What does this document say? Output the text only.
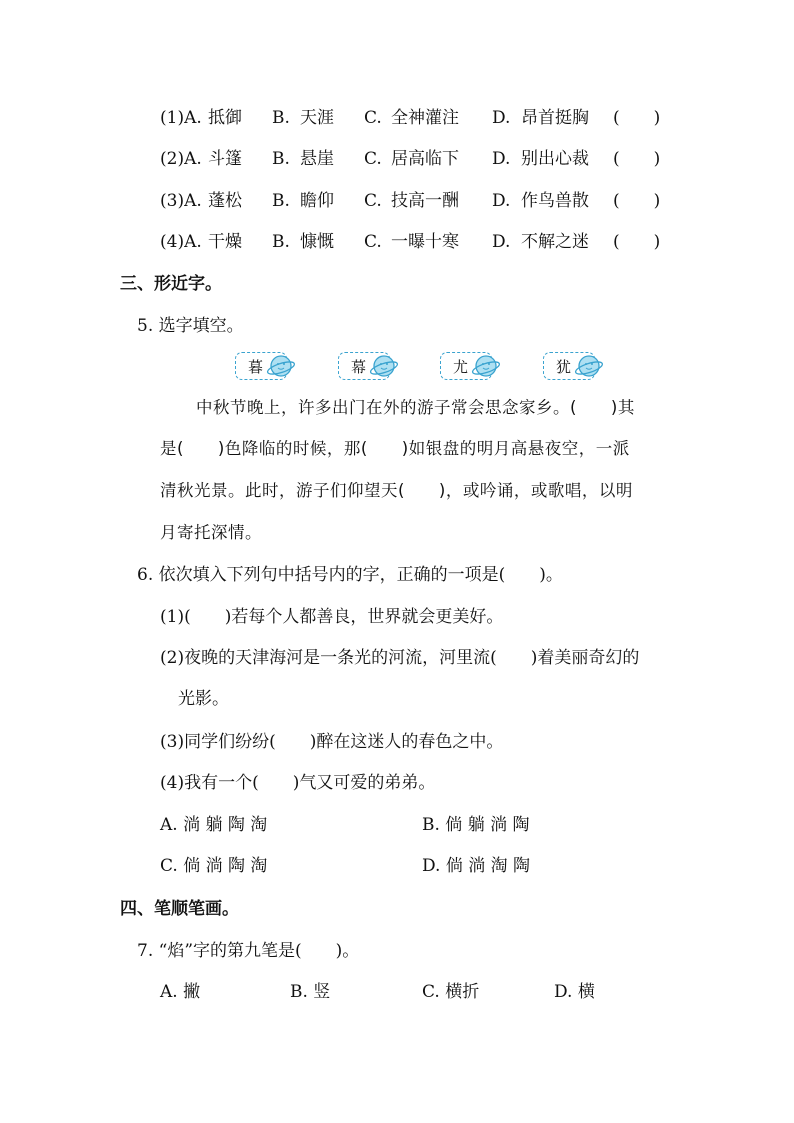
(1)A. 抵御 B. 天涯 C. 全神灌注 D. 昂首挺胸 (　　)
(2)A. 斗篷 B. 悬崖 C. 居高临下 D. 别出心裁 (　　)
(3)A. 蓬松 B. 瞻仰 C. 技高一酬 D. 作鸟兽散 (　　)
(4)A. 干燥 B. 慷慨 C. 一曝十寒 D. 不解之迷 (　　)
三、形近字。
5. 选字填空。
暮	幕	尤	犹
中秋节晚上，许多出门在外的游子常会思念家乡。(　　)其
是(　　)色降临的时候，那(　　)如银盘的明月高悬夜空，一派
清秋光景。此时，游子们仰望天(　　)，或吟诵，或歌唱，以明
月寄托深情。
6. 依次填入下列句中括号内的字，正确的一项是(　　)。
(1)(　　)若每个人都善良，世界就会更美好。
(2)夜晚的天津海河是一条光的河流，河里流(　　)着美丽奇幻的
光影。
(3)同学们纷纷(　　)醉在这迷人的春色之中。
(4)我有一个(　　)气又可爱的弟弟。
A. 淌 躺 陶 淘	B. 倘 躺 淌 陶
C. 倘 淌 陶 淘	D. 倘 淌 淘 陶
四、笔顺笔画。
7. “焰”字的第九笔是(　　)。
A. 撇	B. 竖	C. 横折	D. 横
